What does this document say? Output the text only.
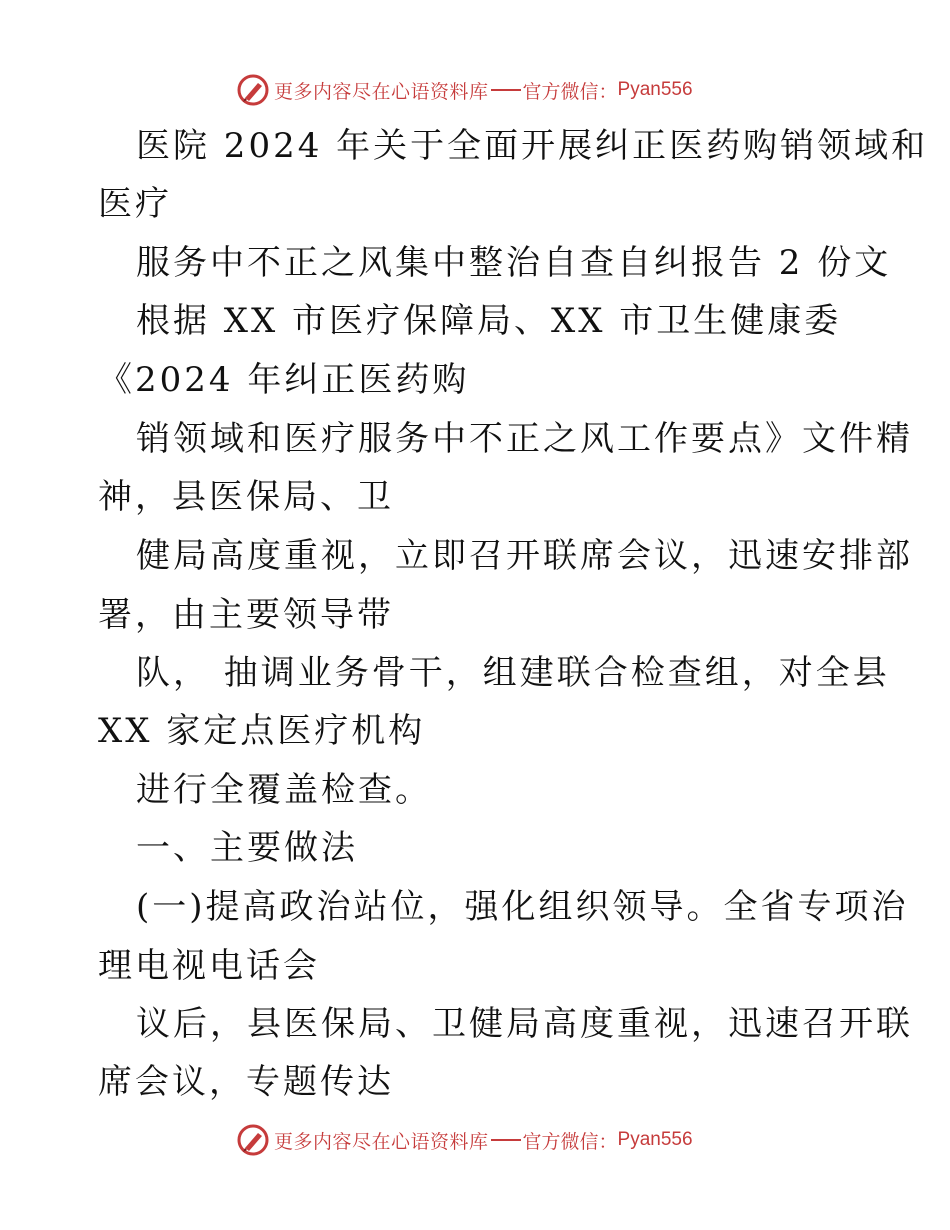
更多内容尽在心语资料库 官方微信： Pyan556
医院 2024 年关于全面开展纠正医药购销领域和
医疗
服务中不正之风集中整治自查自纠报告 2 份文
根据 XX 市医疗保障局、XX 市卫生健康委
《2024 年纠正医药购
销领域和医疗服务中不正之风工作要点》文件精
神，县医保局、卫
健局高度重视，立即召开联席会议，迅速安排部
署，由主要领导带
队， 抽调业务骨干，组建联合检查组，对全县
XX 家定点医疗机构
进行全覆盖检查。
一、主要做法
(一)提高政治站位，强化组织领导。全省专项治
理电视电话会
议后，县医保局、卫健局高度重视，迅速召开联
席会议，专题传达
更多内容尽在心语资料库 官方微信： Pyan556
